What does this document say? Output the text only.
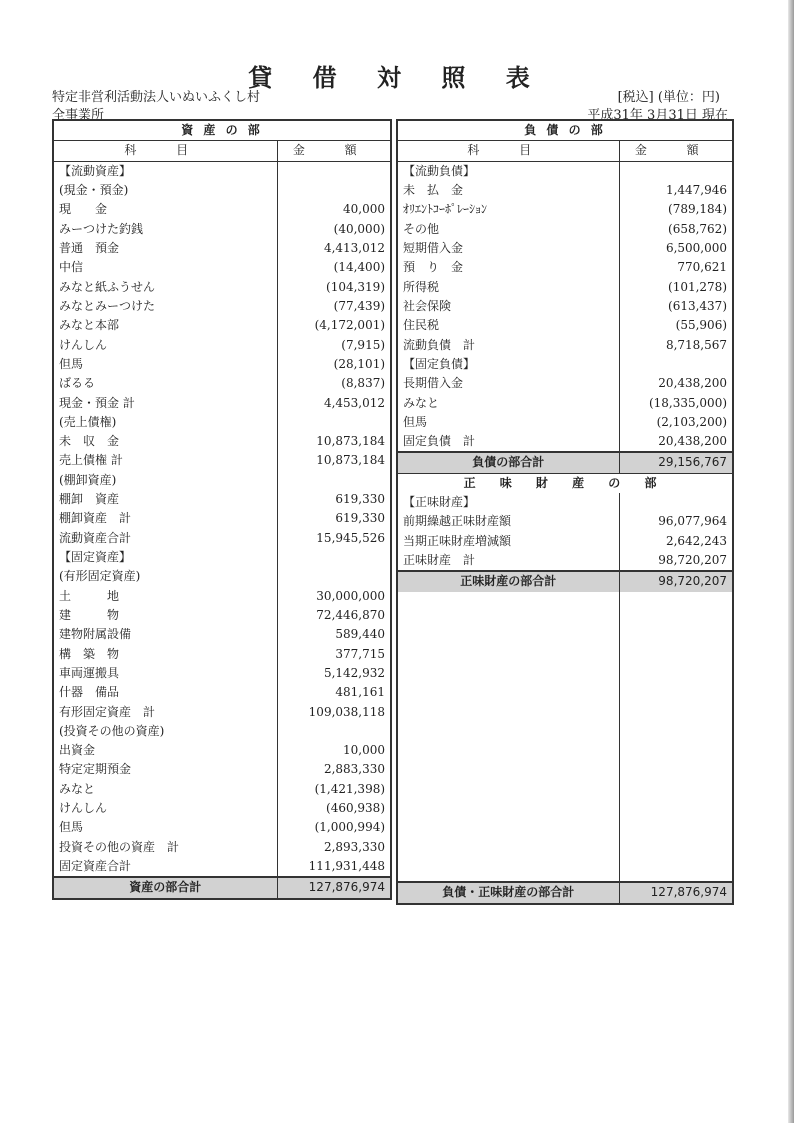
貸 借 対 照 表
特定非営利活動法人いぬいふくし村
全事業所
[税込] (単位：円)
平成31年 3月31日 現在
資 産 の 部	
科 目	金 額
【流動資産】	
(現金・預金)	
現　　金	40,000
みーつけた釣銭	(40,000)
普通　預金	4,413,012
中信	(14,400)
みなと紙ふうせん	(104,319)
みなとみーつけた	(77,439)
みなと本部	(4,172,001)
けんしん	(7,915)
但馬	(28,101)
ばるる	(8,837)
現金・預金 計	4,453,012
(売上債権)	
未　収　金	10,873,184
売上債権 計	10,873,184
(棚卸資産)	
棚卸　資産	619,330
棚卸資産　計	619,330
流動資産合計	15,945,526
【固定資産】	
(有形固定資産)	
土　　　地	30,000,000
建　　　物	72,446,870
建物附属設備	589,440
構　築　物	377,715
車両運搬具	5,142,932
什器　備品	481,161
有形固定資産　計	109,038,118
(投資その他の資産)	
出資金	10,000
特定定期預金	2,883,330
みなと	(1,421,398)
けんしん	(460,938)
但馬	(1,000,994)
投資その他の資産　計	2,893,330
固定資産合計	111,931,448
資産の部合計	127,876,974
負 債 の 部	
科 目	金 額
【流動負債】	
未　払　金	1,447,946
ｵﾘｴﾝﾄｺｰﾎﾟﾚｰｼｮﾝ	(789,184)
その他	(658,762)
短期借入金	6,500,000
預　り　金	770,621
所得税	(101,278)
社会保険	(613,437)
住民税	(55,906)
流動負債　計	8,718,567
【固定負債】	
長期借入金	20,438,200
みなと	(18,335,000)
但馬	(2,103,200)
固定負債　計	20,438,200
負債の部合計	29,156,767
正 味 財 産 の 部	
【正味財産】	
前期繰越正味財産額	96,077,964
当期正味財産増減額	2,642,243
正味財産　計	98,720,207
正味財産の部合計	98,720,207

負債・正味財産の部合計	127,876,974
